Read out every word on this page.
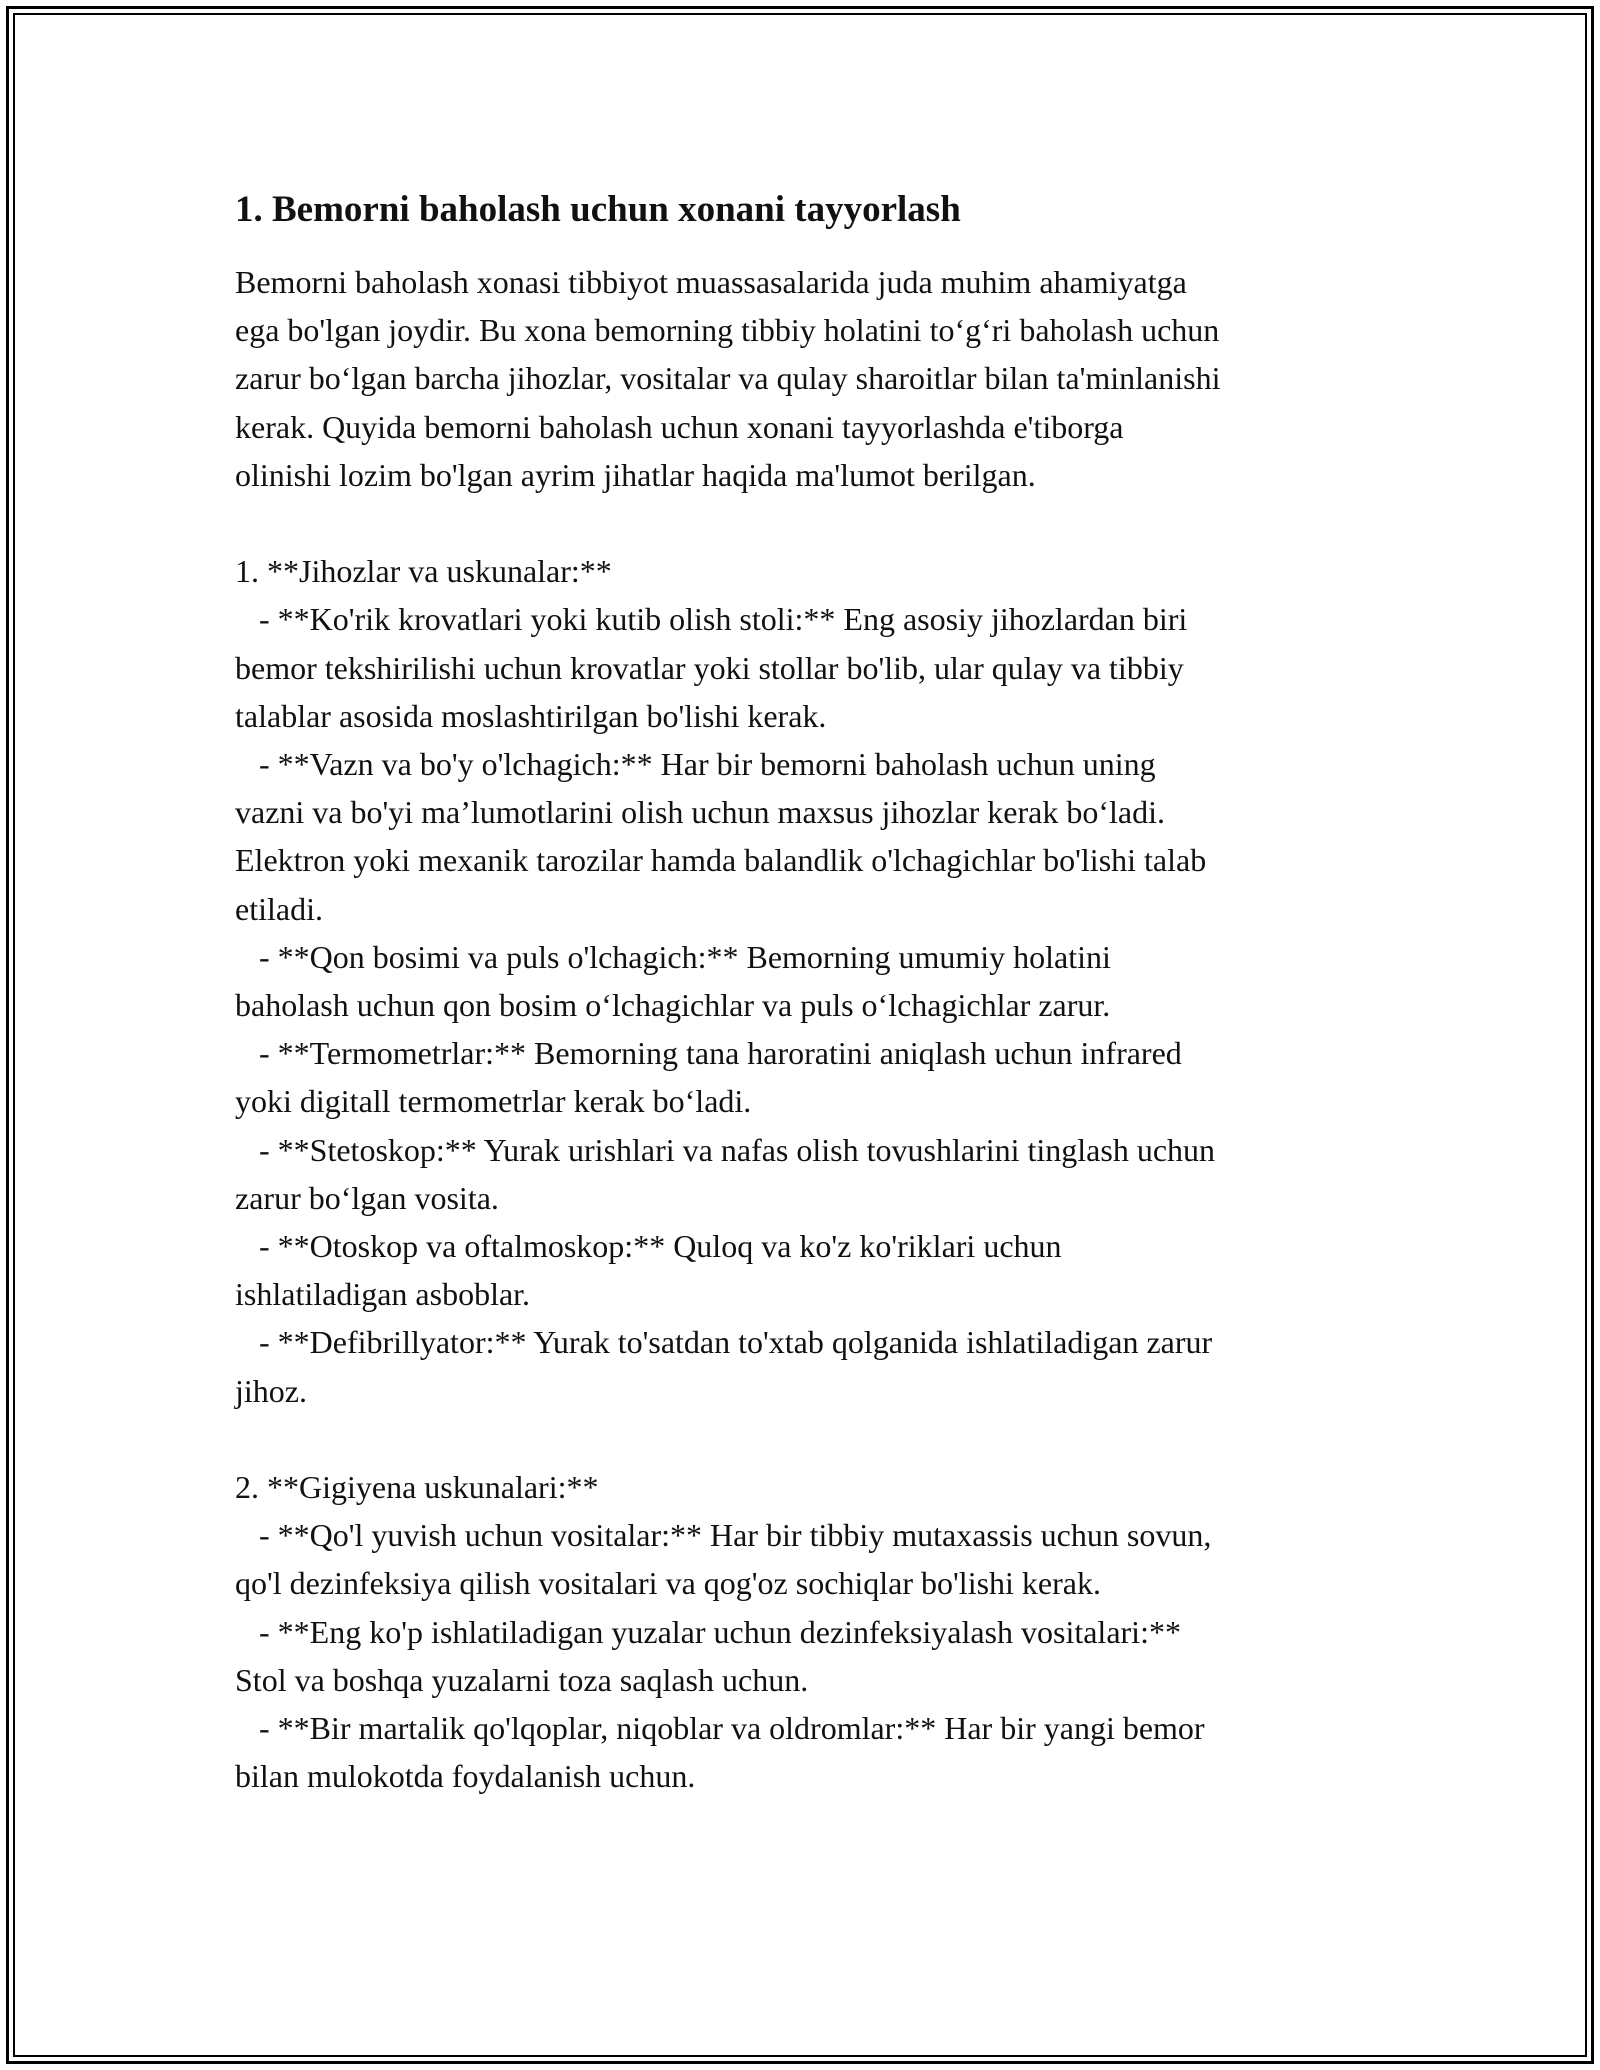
1. Bemorni baholash uchun xonani tayyorlash
Bemorni baholash xonasi tibbiyot muassasalarida juda muhim ahamiyatga
ega bo'lgan joydir. Bu xona bemorning tibbiy holatini to‘g‘ri baholash uchun
zarur bo‘lgan barcha jihozlar, vositalar va qulay sharoitlar bilan ta'minlanishi
kerak. Quyida bemorni baholash uchun xonani tayyorlashda e'tiborga
olinishi lozim bo'lgan ayrim jihatlar haqida ma'lumot berilgan.
1. **Jihozlar va uskunalar:**
- **Ko'rik krovatlari yoki kutib olish stoli:** Eng asosiy jihozlardan biri
bemor tekshirilishi uchun krovatlar yoki stollar bo'lib, ular qulay va tibbiy
talablar asosida moslashtirilgan bo'lishi kerak.
- **Vazn va bo'y o'lchagich:** Har bir bemorni baholash uchun uning
vazni va bo'yi ma’lumotlarini olish uchun maxsus jihozlar kerak bo‘ladi.
Elektron yoki mexanik tarozilar hamda balandlik o'lchagichlar bo'lishi talab
etiladi.
- **Qon bosimi va puls o'lchagich:** Bemorning umumiy holatini
baholash uchun qon bosim o‘lchagichlar va puls o‘lchagichlar zarur.
- **Termometrlar:** Bemorning tana haroratini aniqlash uchun infrared
yoki digitall termometrlar kerak bo‘ladi.
- **Stetoskop:** Yurak urishlari va nafas olish tovushlarini tinglash uchun
zarur bo‘lgan vosita.
- **Otoskop va oftalmoskop:** Quloq va ko'z ko'riklari uchun
ishlatiladigan asboblar.
- **Defibrillyator:** Yurak to'satdan to'xtab qolganida ishlatiladigan zarur
jihoz.
2. **Gigiyena uskunalari:**
- **Qo'l yuvish uchun vositalar:** Har bir tibbiy mutaxassis uchun sovun,
qo'l dezinfeksiya qilish vositalari va qog'oz sochiqlar bo'lishi kerak.
- **Eng ko'p ishlatiladigan yuzalar uchun dezinfeksiyalash vositalari:**
Stol va boshqa yuzalarni toza saqlash uchun.
- **Bir martalik qo'lqoplar, niqoblar va oldromlar:** Har bir yangi bemor
bilan mulokotda foydalanish uchun.
